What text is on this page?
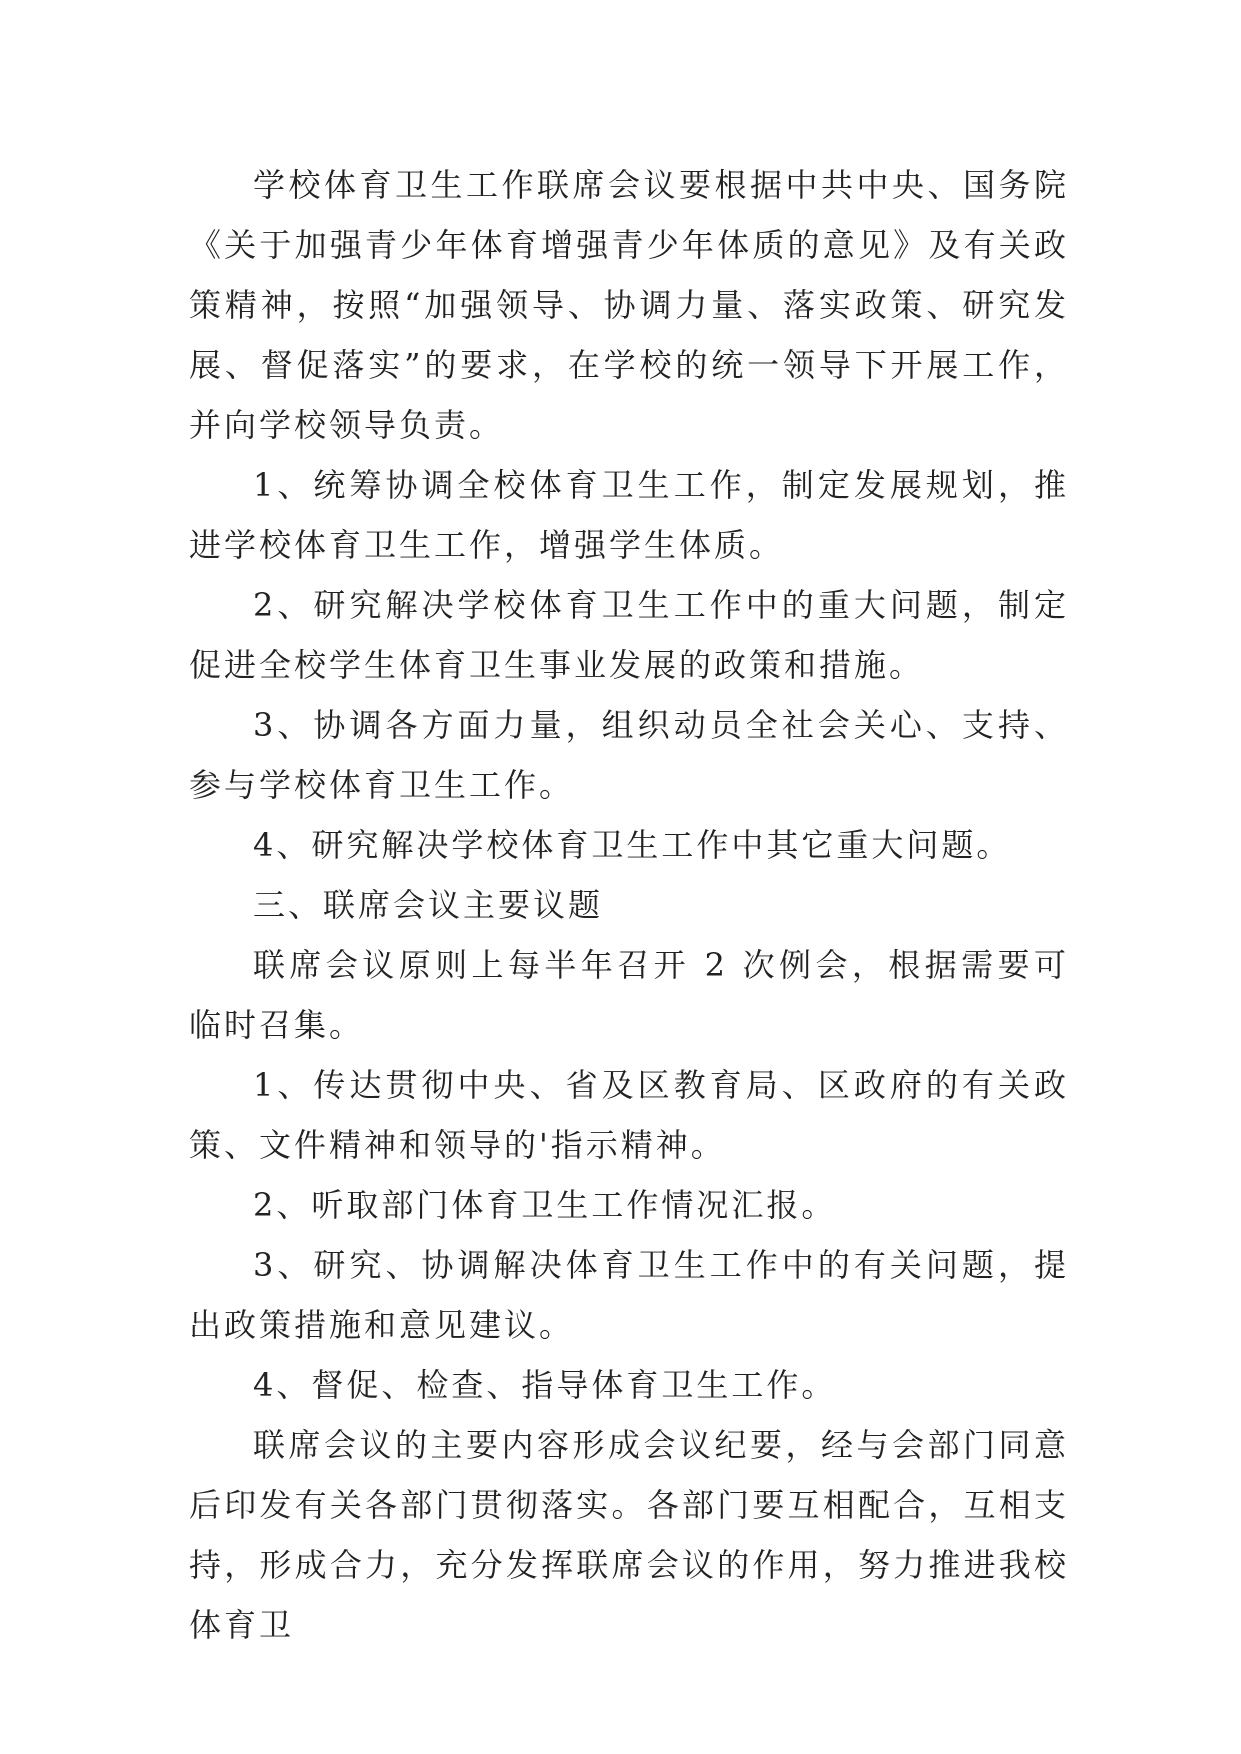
学校体育卫生工作联席会议要根据中共中央、国务院《关于加强青少年体育增强青少年体质的意见》及有关政策精神，按照“加强领导、协调力量、落实政策、研究发展、督促落实”的要求，在学校的统一领导下开展工作，并向学校领导负责。

1、统筹协调全校体育卫生工作，制定发展规划，推进学校体育卫生工作，增强学生体质。

2、研究解决学校体育卫生工作中的重大问题，制定促进全校学生体育卫生事业发展的政策和措施。

3、协调各方面力量，组织动员全社会关心、支持、参与学校体育卫生工作。

4、研究解决学校体育卫生工作中其它重大问题。

三、联席会议主要议题

联席会议原则上每半年召开 2 次例会，根据需要可临时召集。

1、传达贯彻中央、省及区教育局、区政府的有关政策、文件精神和领导的'指示精神。

2、听取部门体育卫生工作情况汇报。

3、研究、协调解决体育卫生工作中的有关问题，提出政策措施和意见建议。

4、督促、检查、指导体育卫生工作。

联席会议的主要内容形成会议纪要，经与会部门同意后印发有关各部门贯彻落实。各部门要互相配合，互相支持，形成合力，充分发挥联席会议的作用，努力推进我校体育卫
